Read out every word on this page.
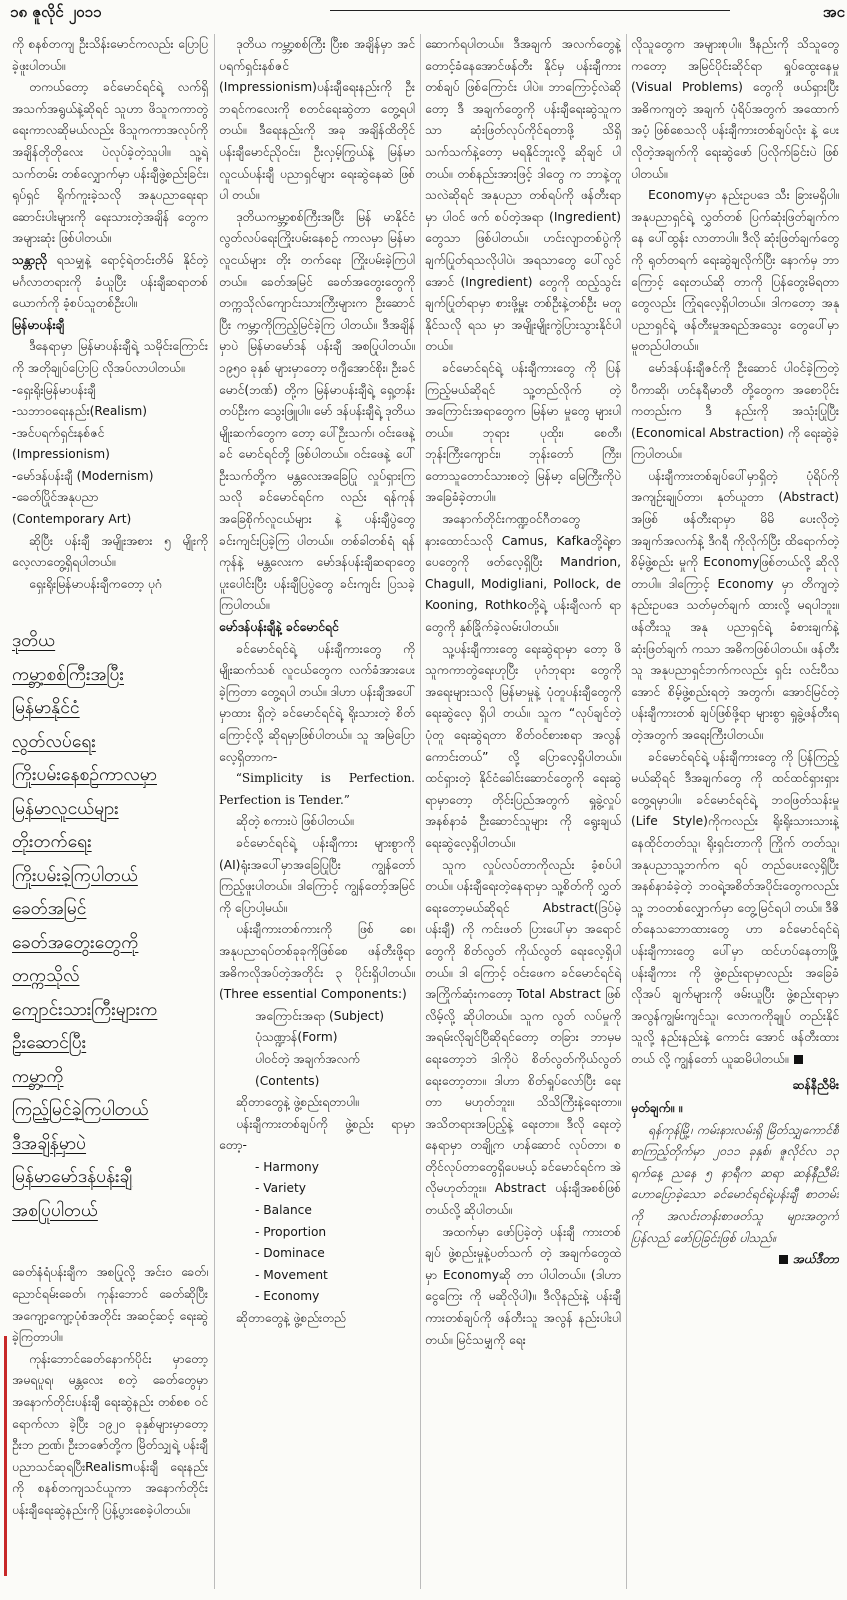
၁၈ ဇူလိုင် ၂၀၁၁	အင

ကို စနစ်တကျ ဦးသိန်းမောင်ကလည်း ပြောပြခဲ့ဖူးပါတယ်။

တကယ်တော့ ခင်မောင်ရင်ရဲ့ လက်ရှိအသက်အရွယ်နဲ့ဆိုရင် သူဟာ ဖိသူကကာတွဲရေးကာလဆိုမယ်လည်း ဖိသူကကာအလုပ်ကို အချိန်တိုတိုလေး ပဲလုပ်ခဲ့တဲ့သူပါ။ သူ့ရဲ့သက်တမ်း တစ်လျှောက်မှာ ပန်းချီဖွဲ့စည်းခြင်း၊ ရုပ်ရှင် ရိုက်ကူးခဲ့သလို အနုပညာရေးရာ ဆောင်းပါးများကို ရေးသားတဲ့အချိန် တွေက အများဆုံး ဖြစ်ပါတယ်။

သန္တာညို ရသမျှနဲ့ ရောင့်ရဲတင်းတိမ် နိုင်တဲ့ မင်္ဂလာတရားကို ခံယူပြီး ပန်းချီဆရာတစ်ယောက်ကို ခံ့စပ်သူတစ်ဦးပါ။

မြန်မာပန်းချီ

ဒီနေရာမှာ မြန်မာပန်းချီရဲ့ သမိုင်းကြောင်းကို အတိုချုပ်ပြောပြ လိုအပ်လာပါတယ်။

-ရှေးရိုးမြန်မာပန်းချီ

-သဘာဝရေးနည်း(Realism)

-အင်ပရက်ရှင်းနစ်ဇင်

(Impressionism)

-မော်ဒန်ပန်းချီ (Modernism)

-ခေတ်ပြိုင်အနုပညာ

(Contemporary Art)

ဆိုပြီး ပန်းချီ အမျိုးအစား ၅ မျိုးကို လေ့လာတွေ့ရှိရပါတယ်။

ရှေးရိုးမြန်မာပန်းချီကတော့ ပုဂံ

ဒုတိယ
ကမ္ဘာ့စစ်ကြီးအပြီး
မြန်မာနိုင်ငံ
လွတ်လပ်ရေး
ကြိုးပမ်းနေစဉ်ကာလမှာ
မြန်မာလူငယ်များ
တိုးတက်ရေး
ကြိုးပမ်းခဲ့ကြပါတယ်
ခေတ်အမြင်
ခေတ်အတွေးတွေကို
တက္ကသိုလ်
ကျောင်းသားကြီးများက
ဦးဆောင်ပြီး
ကမ္ဘာ့ကို
ကြည့်မြင်ခဲ့ကြပါတယ်
ဒီအချိန်မှာပဲ
မြန်မာမော်ဒန်ပန်းချီ
အစပြုပါတယ်

ခေတ်နံရံပန်းချီက အစပြုလို့ အင်းဝ ခေတ်၊ ညောင်ရမ်းခေတ်၊ ကုန်းဘောင် ခေတ်ဆိုပြီး အကျော့ကျော့ပုံစံအတိုင်း အဆင့်ဆင့် ရေးဆွဲခဲ့ကြတာပါ။

ကုန်းဘောင်ခေတ်နောက်ပိုင်း မှာတော့ အမရပူရ၊ မန္တလေး စတဲ့ ခေတ်တွေမှာ အနောက်တိုင်းပန်းချီ ရေးဆွဲနည်း တစ်စစ ဝင်ရောက်လာ ခဲ့ပြီး ၁၉၂၀ ခုနှစ်များမှာတော့ ဦးဘ ဉာဏ်၊ ဦးဘဇော်တို့က မြိတ်သျှရဲ့ ပန်းချီပညာသင်ဆုရပြီးRealismပန်းချီ ရေးနည်းကို စနစ်တကျသင်ယူကာ အနောက်တိုင်း ပန်းချီရေးဆွဲနည်းကို ပြန့်ပွားစေခဲ့ပါတယ်။

ဒုတိယ ကမ္ဘာ့စစ်ကြီး ပြီးစ အချိန်မှာ အင်ပရက်ရှင်းနစ်ဇင် (Impressionism)ပန်းချီရေးနည်းကို ဦးဘရင်ကလေးကို စတင်ရေးဆွဲတာ တွေ့ရပါတယ်။ ဒီရေးနည်းကို အခု အချိန်ထိတိုင် ပန်းချီမောင်ညိုဝင်း၊ ဦးလှမ့်ကြွယ်နဲ့ မြန်မာလူငယ်ပန်းချီ ပညာရှင်များ ရေးဆွဲနေဆဲ ဖြစ်ပါ တယ်။

ဒုတိယကမ္ဘာ့စစ်ကြီးအပြီး မြန် မာနိုင်ငံ လွတ်လပ်ရေးကြိုးပမ်းနေစဉ် ကာလမှာ မြန်မာလူငယ်များ တိုး တက်ရေး ကြိုးပမ်းခဲ့ကြပါတယ်။ ခေတ်အမြင် ခေတ်အတွေးတွေကို တက္ကသိုလ်ကျောင်းသားကြီးများက ဦးဆောင်ပြီး ကမ္ဘာ့ကိုကြည့်မြင်ခဲ့ကြ ပါတယ်။ ဒီအချိန်မှာပဲ မြန်မာမော်ဒန် ပန်းချီ အစပြုပါတယ်။ ၁၉၅၀ ခုနှစ် များမှာတော့ ဗဂျီအောင်စိုး၊ ဦးခင် မောင်(ဘဏ်) တို့က မြန်မာပန်းချီရဲ့ ရှေ့တန်းတပ်ဦးက သွေးဖြူပါ။ မော် ဒန်ပန်းချီရဲ့ ဒုတိယမျိုးဆက်တွေက တော့ ပေါ်ဦးသက်၊ ဝင်းဖေနဲ့ ခင် မောင်ရင်တို့ ဖြစ်ပါတယ်။ ဝင်းဖေနဲ့ ပေါ်ဦးသက်တို့က မန္တလေးအခြေပြု လှုပ်ရှားကြသလို ခင်မောင်ရင်က လည်း ရန်ကုန်အခြေစိုက်လူငယ်များ နဲ့ ပန်းချီပွဲတွေ ခင်းကျင်းပြခဲ့ကြ ပါတယ်။ တစ်ခါတစ်ရံ ရန်ကုန်နဲ့ မန္တလေးက မော်ဒန်ပန်းချီဆရာတွေ ပူးပေါင်းပြီး ပန်းချီပြပွဲတွေ ခင်းကျင်း ပြသခဲ့ကြပါတယ်။

မော်ဒန်ပန်းချီနဲ့ ခင်မောင်ရင်

ခင်မောင်ရင်ရဲ့ ပန်းချီကားတွေ ကို မျိုးဆက်သစ် လူငယ်တွေက လက်ခံအားပေးခဲ့ကြတာ တွေ့ရပါ တယ်။ ဒါဟာ ပန်းချီအပေါ်မှာထား ရှိတဲ့ ခင်မောင်ရင်ရဲ့ ရိုးသားတဲ့ စိတ် ကြောင့်လို့ ဆိုရမှာဖြစ်ပါတယ်။ သူ အမြဲပြောလေ့ရှိတာက-

“Simplicity is Perfection. Perfection is Tender.”

ဆိုတဲ့ စကားပဲ ဖြစ်ပါတယ်။

ခင်မောင်ရင်ရဲ့ ပန်းချီကား များစွာကို (AI)ရုံးအပေါ်မှာအခြေပြုပြီး ကျွန်တော် ကြည့်ဖူးပါတယ်။ ဒါကြောင့် ကျွန်တော့်အမြင်ကို ပြောပါ့မယ်။

ပန်းချီကားတစ်ကားကို ဖြစ် စေ၊ အနုပညာရပ်တစ်ခုခုကိုဖြစ်စေ ဖန်တီးဖို့ရာ အဓိကလိုအပ်တဲ့အတိုင်း ၃ ပိုင်းရှိပါတယ်။ (Three essential Components:)

အကြောင်းအရာ (Subject)

ပုံသဏ္ဍာန်(Form)

ပါဝင်တဲ့ အချက်အလက်

(Contents)

ဆိုတာတွေနဲ့ ဖွဲ့စည်းရတာပါ။

ပန်းချီကားတစ်ချပ်ကို ဖွဲ့စည်း ရာမှာတော့-

- Harmony

- Variety

- Balance

- Proportion

- Dominace

- Movement

- Economy

ဆိုတာတွေနဲ့ ဖွဲ့စည်းတည်

ဆောက်ရပါတယ်။ ဒီအချက် အလက်တွေနဲ့ တောင့်ခံနေအောင်ဖန်တီး နိုင်မှ ပန်းချီကားတစ်ချပ် ဖြစ်ကြောင်း ပါပဲ။ ဘာကြောင့်လဲဆိုတော့ ဒီ အချက်တွေကို ပန်းချီရေးဆွဲသူက သာ ဆုံးဖြတ်လုပ်ကိုင်ရတာဖို့ သိရှိ သက်သက်နဲ့တော့ မရနိုင်ဘူးလို့ ဆိုချင် ပါတယ်။ တစ်နည်းအားဖြင့် ဒါတွေ က ဘာနဲ့တူသလဲဆိုရင် အနုပညာ တစ်ရပ်ကို ဖန်တီးရာမှာ ပါဝင် ဖက် စပ်တဲ့အရာ (Ingredient) တွေသာ ဖြစ်ပါတယ်။ ဟင်းလျာတစ်ပွဲကို ချက်ပြုတ်ရသလိုပါပဲ၊ အရသာတွေ ပေါ်လွင်အောင် (Ingredient) တွေကို ထည့်သွင်းချက်ပြုတ်ရာမှာ စားဖို့မှူး တစ်ဦးနဲ့တစ်ဦး မတူနိုင်သလို ရသ မှာ အမျိုးမျိုးကွဲပြားသွားနိုင်ပါတယ်။

ခင်မောင်ရင်ရဲ့ ပန်းချီကားတွေ ကို ပြန်ကြည့်မယ်ဆိုရင် သူ့တည်လိုက် တဲ့ အကြောင်းအရာတွေက မြန်မာ မှုတွေ များပါတယ်။ ဘုရား ပုထိုး၊ စေတီ၊ ဘုန်းကြီးကျောင်း၊ ဘုန်းတော် ကြီး၊ တောသူတောင်သားစတဲ့ မြန်မာ့ မြေကြီးကိုပဲ အခြေခံခဲ့တာပါ။

အနောက်တိုင်းကဏ္ဍဝင်ဂီတတွေ နားထောင်သလို Camus, Kafkaတို့ရဲ့စာ ပေတွေကို ဖတ်လေ့ရှိပြီး Mandrion, Chagull, Modigliani, Pollock, de Kooning, Rothkoတို့ရဲ့ ပန်းချီလက် ရာတွေကို နှစ်ခြိုက်ခဲ့လမ်းပါတယ်။

သူ့ပန်းချီကားတွေ ရေးဆွဲရာမှာ တော့ ဖိသူကကာတွဲရေးဟုပြီး ပုဂံဘုရား တွေကို အရေးများသလို မြန်မာမှုနဲ့ ပုံတူပန်းချီတွေကို ရေးဆွဲလေ့ ရှိပါ တယ်။ သူက “လုပ်ချင်တဲ့ ပုံတူ ရေးဆွဲရတာ စိတ်ဝင်စားစရာ အလွန် ကောင်းတယ်” လို့ ပြောလေ့ရှိပါတယ်။ ထင်ရှားတဲ့ နိုင်ငံခေါင်းဆောင်တွေကို ရေးဆွဲရာမှာတော့ တိုင်းပြည်အတွက် ရှုခွဲ့လှုပ်အနစ်နာခံ ဦးဆောင်သူများ ကို ရွေးချယ် ရေးဆွဲလေ့ရှိပါတယ်။

သူက လှုပ်လပ်တာကိုလည်း ခံ့စပ်ပါတယ်။ ပန်းချီရေးတဲ့နေရာမှာ သူ့စိတ်ကို လွှတ်ရေးတော့မယ်ဆိုရင် Abstract(ဒြပ်မဲ့ပန်းချီ) ကို ကင်းဖတ် ပြားပေါ်မှာ အရောင်တွေကို စိတ်လွတ် ကိုယ်လွတ် ရေးလေ့ရှိပါတယ်။ ဒါ ကြောင့် ဝင်းဖေက ခင်မောင်ရင်ရဲ့ အကြိုက်ဆုံးကတော့ Total Abstract ဖြစ်လိမ့်လို့ ဆိုပါတယ်။ သူက လွတ် လပ်မှုကို အရမ်းလိုချင်ပြီဆိုရင်တော့ တခြား ဘာမှမရေးတော့ဘဲ ဒါကိုပဲ စိတ်လွတ်ကိုယ်လွတ် ရေးတော့တာ။ ဒါဟာ စိတ်ရှုပ်လော်ပြီး ရေးတာ မဟုတ်ဘူး။ သိသိကြီးနဲ့ရေးတာ။ အသိတရားအပြည့်နဲ့ ရေးတာ။ ဒီလို ရေးတဲ့နေရာမှာ တချို့က ဟန်ဆောင် လုပ်တာ၊ စတိုင်လုပ်တာတွေရှိပေမယ့် ခင်မောင်ရင်က အဲလိုမဟုတ်ဘူး။ Abstract ပန်းချီအစစ်ဖြစ်တယ်လို့ ဆိုပါတယ်။

အထက်မှာ ဖော်ပြခဲ့တဲ့ ပန်းချီ ကားတစ်ချပ် ဖွဲ့စည်းမှုနဲ့ပတ်သက် တဲ့ အချက်တွေထဲမှာ Economyဆို တာ ပါပါတယ်။ (ဒါဟာ ငွေကြေး ကို မဆိုလိုပါ)။ ဒီလိုနည်းနဲ့ ပန်းချီ ကားတစ်ချပ်ကို ဖန်တီးသူ အလွန် နည်းပါးပါတယ်။ မြင်သမျှကို ရေး

လိုသူတွေက အများစုပါ။ ဒီနည်းကို သိသူတွေကတော့ အမြင်ပိုင်းဆိုင်ရာ ရှုပ်ထွေးနေမှု (Visual Problems) တွေကို ဖယ်ရှားပြီး အဓိကကျတဲ့ အချက် ပုံရိပ်အတွက် အထောက်အပံ့ ဖြစ်စေသလို ပန်းချီကားတစ်ချပ်လုံး နဲ့ ပေးလိုတဲ့အချက်ကို ရေးဆွဲဖော် ပြလိုက်ခြင်းပဲ ဖြစ်ပါတယ်။

Economyမှာ နည်းဥပဒေ သီး ခြားမရှိပါ။ အနုပညာရှင်ရဲ့ လွှတ်တစ် ပြက်ဆုံးဖြတ်ချက်ကနေ ပေါ်ထွန်း လာတာပါ။ ဒီလို ဆုံးဖြတ်ချက်တွေ ကို ရုတ်တရက် ရေးဆွဲချလိုက်ပြီး နောက်မှ ဘာကြောင့် ရေးတယ်ဆို တာကို ပြန်တွေးမိရတာတွေလည်း ကြုံရလေ့ရှိပါတယ်။ ဒါကတော့ အနု ပညာရှင်ရဲ့ ဖန်တီးမှုအရည်အသွေး တွေပေါ်မှာ မူတည်ပါတယ်။

မော်ဒန်ပန်းချီဇင်ကို ဦးဆောင် ပါဝင်ခဲ့ကြတဲ့ ပီကာဆို၊ ဟင်နရီမာတီ တို့တွေက အစောပိုင်းကတည်းက ဒီ နည်းကို အသုံးပြုပြီး (Economical Abstraction) ကို ရေးဆွဲခဲ့ကြပါတယ်။

ပန်းချီကားတစ်ချပ်ပေါ်မှာရှိတဲ့ ပုံရိပ်ကို အကျဉ်းချုပ်တာ၊ နုတ်ယူတာ (Abstract) အဖြစ် ဖန်တီးရာမှာ မိမိ ပေးလိုတဲ့ အချက်အလက်နဲ့ ဒီဂရီ ကိုလိုက်ပြီး ထိရောက်တဲ့စိမ့်ဖွဲ့စည်း မှုကို Economyဖြစ်တယ်လို့ ဆိုလို တာပါ။ ဒါကြောင့် Economy မှာ တိကျတဲ့ နည်းဥပဒေ သတ်မှတ်ချက် ထားလို့ မရပါဘူး။ ဖန်တီးသူ အနု ပညာရှင်ရဲ့ ခံစားချက်နဲ့ ဆုံးဖြတ်ချက် ကသာ အဓိကဖြစ်ပါတယ်။ ဖန်တီး သူ အနုပညာရှင်ဘက်ကလည်း ရှင်း လင်းပီသအောင် စိမ့်ဖွဲ့စည်းရတဲ့ အတွက်၊ အောင်မြင်တဲ့ပန်းချီကားတစ် ချပ်ဖြစ်ဖို့ရာ များစွာ ရှုခွဲ့ဖန်တီးရ တဲ့အတွက် အရေးကြီးပါတယ်။

ခင်မောင်ရင်ရဲ့ ပန်းချီကားတွေ ကို ပြန်ကြည့်မယ်ဆိုရင် ဒီအချက်တွေ ကို ထင်ထင်ရှားရှား တွေ့ရမှာပါ။ ခင်မောင်ရင်ရဲ့ ဘဝဖြတ်သန်းမှု (Life Style)ကိုကလည်း ရိုးရိုးသားသားနဲ့ နေထိုင်တတ်သူ၊ ရိုးရှင်းတာကို ကြိုက် တတ်သူ၊ အနုပညာသူ့ဘက်က ရပ် တည်ပေးလေ့ရှိပြီး အနစ်နာခံခဲ့တဲ့ ဘဝရဲ့အစိတ်အပိုင်းတွေကလည်း သူ့ ဘဝတစ်လျှောက်မှာ တွေ့မြင်ရပါ တယ်။ ဒီဇိတ်နေသဘောထားတွေ ဟာ ခင်မောင်ရင်ရဲ့ ပန်းချီကားတွေ ပေါ်မှာ ထင်ဟပ်နေတာဖြို့ ပန်းချီကား ကို ဖွဲ့စည်းရာမှာလည်း အခြေခံလိုအပ် ချက်များကို ဖမ်းယူပြီး ဖွဲ့စည်းရာမှာ အလွန်ကျွမ်းကျင်သူ၊ လောကကိုချုပ် တည်းနိုင်သူလို့ နည်းနည်းနဲ့ ကောင်း အောင် ဖန်တီးထားတယ် လို့ ကျွန်တော် ယူဆမိပါတယ်။

ဆန်နီညီမိး

မှတ်ချက်။ ။

ရန်ကုန်မြို့၊ ကမ်းနားလမ်းရှိ မြိတ်သျှကောင်စီစာကြည့်တိုက်မှာ ၂၀၁၁ ခုနှစ်၊ ဇူလိုင်လ ၁၃ ရက်နေ့ ညနေ ၅ နာရီက ဆရာ ဆန်နီညီမိး ဟောပြောခဲ့သော ခင်မောင်ရင်ရဲ့ပန်းချီ စာတမ်းကို အလင်းတန်းစာဖတ်သူ များအတွက် ပြန်လည် ဖော်ပြခြင်းဖြစ် ပါသည်။

အယ်ဒီတာ
